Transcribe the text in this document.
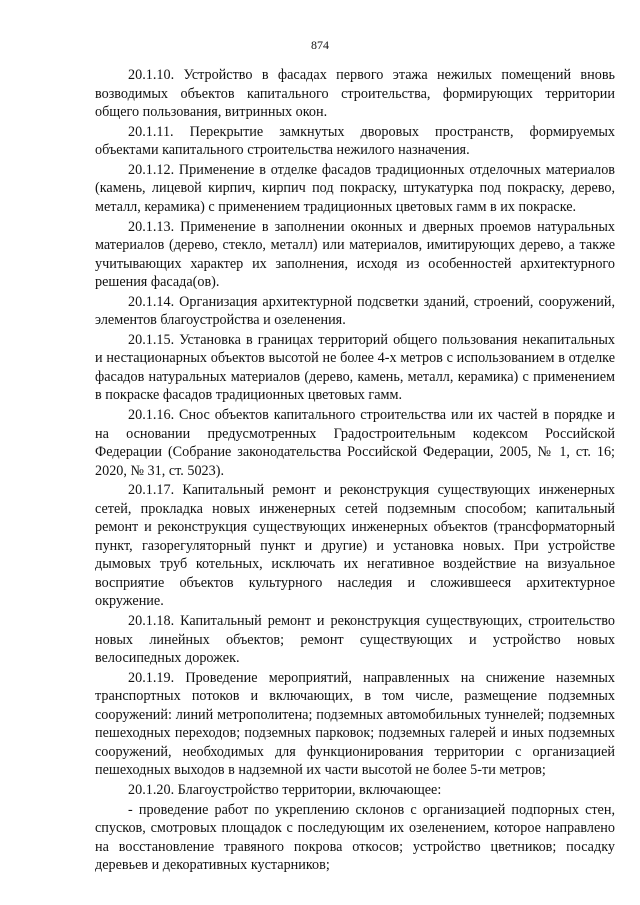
874

20.1.10. Устройство в фасадах первого этажа нежилых помещений вновь возводимых объектов капитального строительства, формирующих территории общего пользования, витринных окон.

20.1.11. Перекрытие замкнутых дворовых пространств, формируемых объектами капитального строительства нежилого назначения.

20.1.12. Применение в отделке фасадов традиционных отделочных материалов (камень, лицевой кирпич, кирпич под покраску, штукатурка под покраску, дерево, металл, керамика) с применением традиционных цветовых гамм в их покраске.

20.1.13. Применение в заполнении оконных и дверных проемов натуральных материалов (дерево, стекло, металл) или материалов, имитирующих дерево, а также учитывающих характер их заполнения, исходя из особенностей архитектурного решения фасада(ов).

20.1.14. Организация архитектурной подсветки зданий, строений, сооружений, элементов благоустройства и озеленения.

20.1.15. Установка в границах территорий общего пользования некапитальных и нестационарных объектов высотой не более 4-х метров с использованием в отделке фасадов натуральных материалов (дерево, камень, металл, керамика) с применением в покраске фасадов традиционных цветовых гамм.

20.1.16. Снос объектов капитального строительства или их частей в порядке и на основании предусмотренных Градостроительным кодексом Российской Федерации (Собрание законодательства Российской Федерации, 2005, № 1, ст. 16; 2020, № 31, ст. 5023).

20.1.17. Капитальный ремонт и реконструкция существующих инженерных сетей, прокладка новых инженерных сетей подземным способом; капитальный ремонт и реконструкция существующих инженерных объектов (трансформаторный пункт, газорегуляторный пункт и другие) и установка новых. При устройстве дымовых труб котельных, исключать их негативное воздействие на визуальное восприятие объектов культурного наследия и сложившееся архитектурное окружение.

20.1.18. Капитальный ремонт и реконструкция существующих, строительство новых линейных объектов; ремонт существующих и устройство новых велосипедных дорожек.

20.1.19. Проведение мероприятий, направленных на снижение наземных транспортных потоков и включающих, в том числе, размещение подземных сооружений: линий метрополитена; подземных автомобильных туннелей; подземных пешеходных переходов; подземных парковок; подземных галерей и иных подземных сооружений, необходимых для функционирования территории с организацией пешеходных выходов в надземной их части высотой не более 5-ти метров;

20.1.20. Благоустройство территории, включающее:

- проведение работ по укреплению склонов с организацией подпорных стен, спусков, смотровых площадок с последующим их озеленением, которое направлено на восстановление травяного покрова откосов; устройство цветников; посадку деревьев и декоративных кустарников;
